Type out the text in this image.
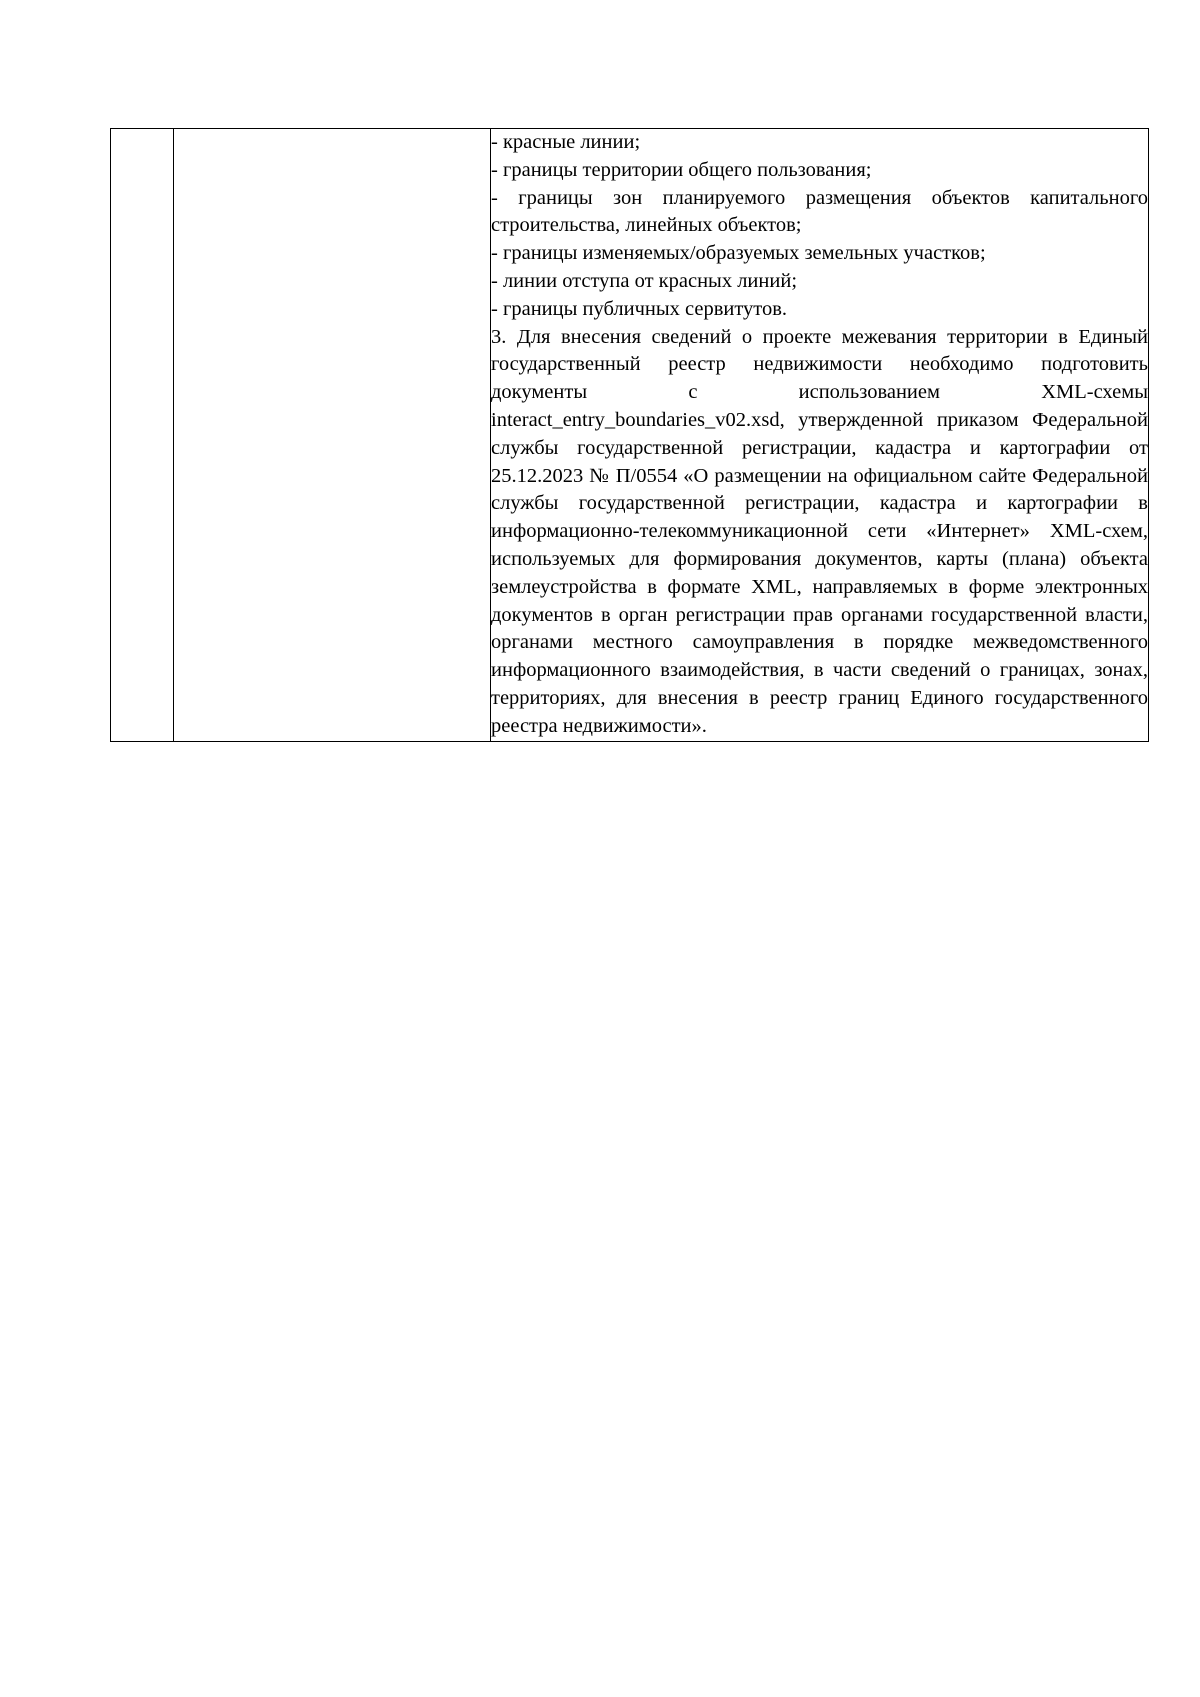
- красные линии;

- границы территории общего пользования;

- границы зон планируемого размещения объектов капитального строительства, линейных объектов;

- границы изменяемых/образуемых земельных участков;

- линии отступа от красных линий;

- границы публичных сервитутов.

3. Для внесения сведений о проекте межевания территории в Единый государственный реестр недвижимости необходимо подготовить документы с использованием XML-схемы interact_entry_boundaries_v02.xsd, утвержденной приказом Федеральной службы государственной регистрации, кадастра и картографии от 25.12.2023 № П/0554 «О размещении на официальном сайте Федеральной службы государственной регистрации, кадастра и картографии в информационно-телекоммуникационной сети «Интернет» XML-схем, используемых для формирования документов, карты (плана) объекта землеустройства в формате XML, направляемых в форме электронных документов в орган регистрации прав органами государственной власти, органами местного самоуправления в порядке межведомственного информационного взаимодействия, в части сведений о границах, зонах, территориях, для внесения в реестр границ Единого государственного реестра недвижимости».
